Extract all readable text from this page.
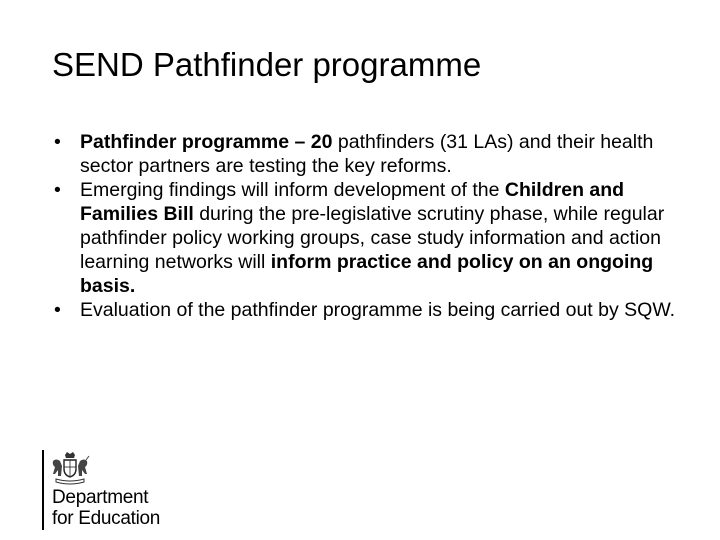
SEND Pathfinder programme
• Pathfinder programme – 20 pathfinders (31 LAs) and their health sector partners are testing the key reforms.
• Emerging findings will inform development of the Children and Families Bill during the pre-legislative scrutiny phase, while regular pathfinder policy working groups, case study information and action learning networks will inform practice and policy on an ongoing basis.
• Evaluation of the pathfinder programme is being carried out by SQW.
Department
for Education
